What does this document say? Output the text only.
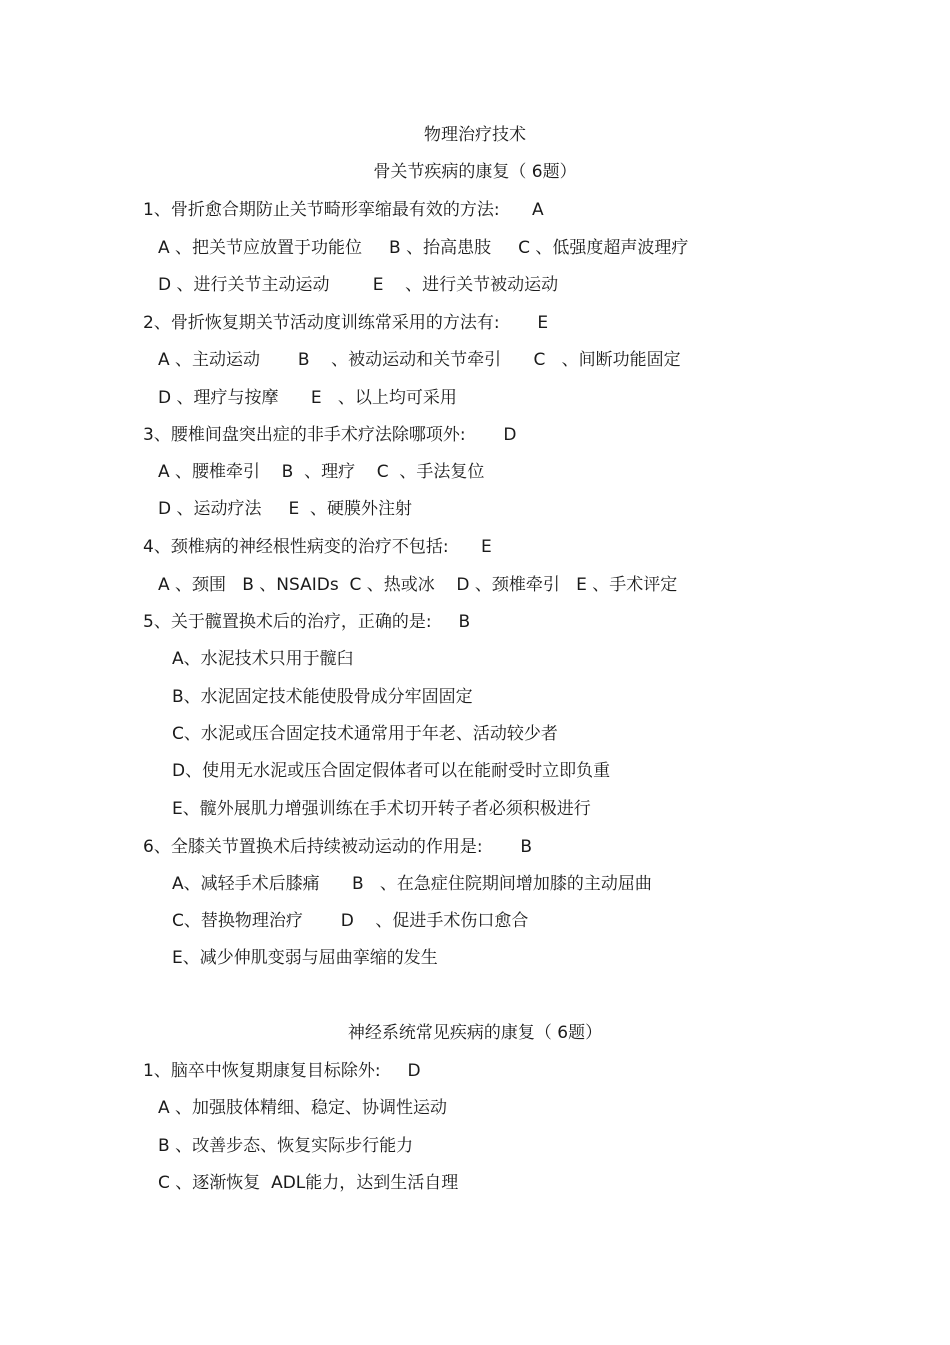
物理治疗技术
骨关节疾病的康复（ 6题）
1、骨折愈合期防止关节畸形挛缩最有效的方法:      A
A 、把关节应放置于功能位     B 、抬高患肢     C 、低强度超声波理疗
D 、进行关节主动运动        E    、进行关节被动运动
2、骨折恢复期关节活动度训练常采用的方法有:       E
A 、主动运动       B    、被动运动和关节牵引      C   、间断功能固定
D 、理疗与按摩      E   、以上均可采用
3、腰椎间盘突出症的非手术疗法除哪项外:       D
A 、腰椎牵引    B  、理疗    C  、手法复位
D 、运动疗法     E  、硬膜外注射
4、颈椎病的神经根性病变的治疗不包括:      E
A 、颈围   B 、NSAIDs  C 、热或冰    D 、颈椎牵引   E 、手术评定
5、关于髋置换术后的治疗，正确的是:     B
A、水泥技术只用于髋臼
B、水泥固定技术能使股骨成分牢固固定
C、水泥或压合固定技术通常用于年老、活动较少者
D、使用无水泥或压合固定假体者可以在能耐受时立即负重
E、髋外展肌力增强训练在手术切开转子者必须积极进行
6、全膝关节置换术后持续被动运动的作用是:       B
A、减轻手术后膝痛      B   、在急症住院期间增加膝的主动屈曲
C、替换物理治疗       D    、促进手术伤口愈合
E、减少伸肌变弱与屈曲挛缩的发生
神经系统常见疾病的康复（ 6题）
1、脑卒中恢复期康复目标除外:     D
A 、加强肢体精细、稳定、协调性运动
B 、改善步态、恢复实际步行能力
C 、逐渐恢复  ADL能力，达到生活自理
